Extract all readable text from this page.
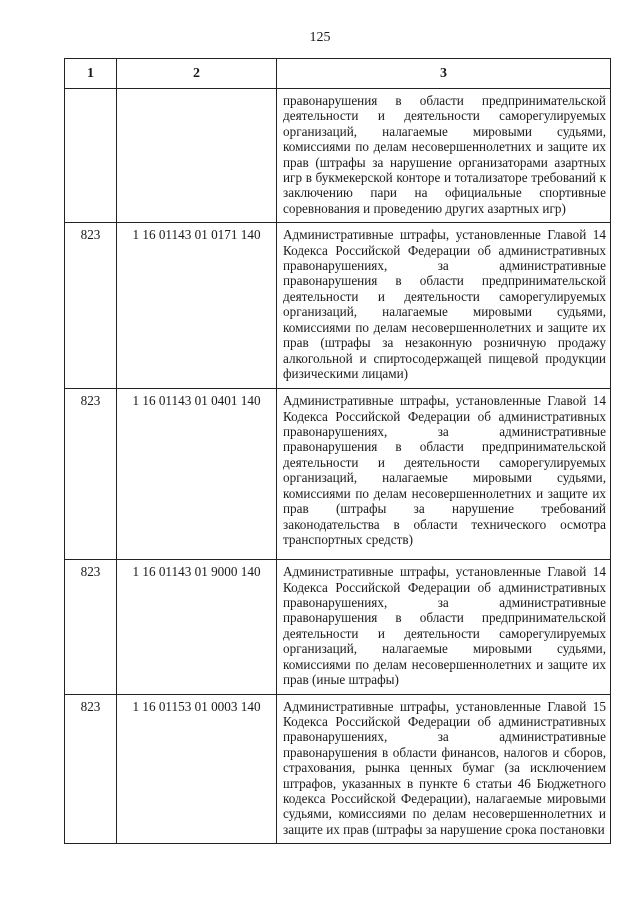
125
1	2	3
		правонарушения в области предпринимательской деятельности и деятельности саморегулируемых организаций, налагаемые мировыми судьями, комиссиями по делам несовершеннолетних и защите их прав (штрафы за нарушение организаторами азартных игр в букмекерской конторе и тотализаторе требований к заключению пари на официальные спортивные соревнования и проведению других азартных игр)
823	1 16 01143 01 0171 140	Административные штрафы, установленные Главой 14 Кодекса Российской Федерации об административных правонарушениях, за административные правонарушения в области предпринимательской деятельности и деятельности саморегулируемых организаций, налагаемые мировыми судьями, комиссиями по делам несовершеннолетних и защите их прав (штрафы за незаконную розничную продажу алкогольной и спиртосодержащей пищевой продукции физическими лицами)
823	1 16 01143 01 0401 140	Административные штрафы, установленные Главой 14 Кодекса Российской Федерации об административных правонарушениях, за административные правонарушения в области предпринимательской деятельности и деятельности саморегулируемых организаций, налагаемые мировыми судьями, комиссиями по делам несовершеннолетних и защите их прав (штрафы за нарушение требований законодательства в области технического осмотра транспортных средств)
823	1 16 01143 01 9000 140	Административные штрафы, установленные Главой 14 Кодекса Российской Федерации об административных правонарушениях, за административные правонарушения в области предпринимательской деятельности и деятельности саморегулируемых организаций, налагаемые мировыми судьями, комиссиями по делам несовершеннолетних и защите их прав (иные штрафы)
823	1 16 01153 01 0003 140	Административные штрафы, установленные Главой 15 Кодекса Российской Федерации об административных правонарушениях, за административные правонарушения в области финансов, налогов и сборов, страхования, рынка ценных бумаг (за исключением штрафов, указанных в пункте 6 статьи 46 Бюджетного кодекса Российской Федерации), налагаемые мировыми судьями, комиссиями по делам несовершеннолетних и защите их прав (штрафы за нарушение срока постановки
